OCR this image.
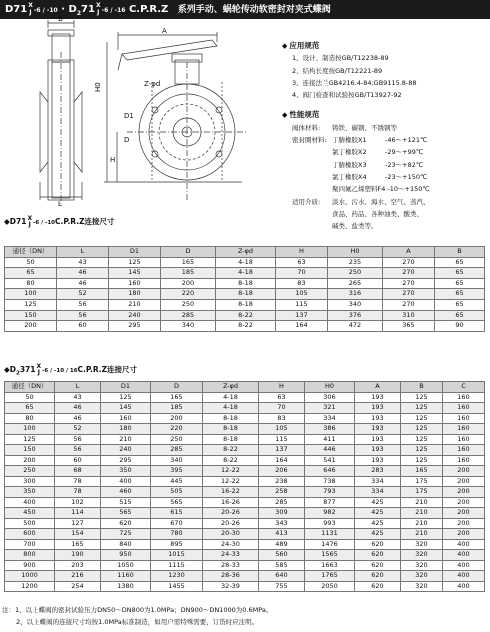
D71 X
J $-6 / -10 \cdot D_271$ X
J -6 / -16 C.P.R.Z 系列手动、蜗轮传动软密封对夹式蝶阀
B
A
Z-φd
D1
D
H
H0
L
◆ 应用规范
1、设计、制造按GB/T12238-89
2、结构长度按GB/T12221-89
3、连接法兰GB4216.4-84;GB9115.8-88
4、阀门检查和试验按GB/T13927-92
◆ 性能规范
阀体材料:	铸铁、碳钢、不锈钢等
密封圈材料: 丁腈橡胶X1	-46～+121℃
氯丁橡胶X2	-29～+99℃
丁腈橡胶X3	-23～+82℃
氯丁橡胶X4	-23～+150℃
聚四氟乙烯塑料F4 -10～+150℃
适用介质:	淡水、污水、海水、空气、蒸汽、
食品、药品、各种油类、酸类、
碱类、盐类等。
◆D71 X
J -6 / -10C.P.R.Z连接尺寸
通径（DN）	L	D1	D	Z-φd	H	H0	A	B
50	43	125	165	4-18	63	235	270	65
65	46	145	185	4-18	70	250	270	65
80	46	160	200	8-18	83	265	270	65
100	52	180	220	8-18	105	316	270	65
125	56	210	250	8-18	115	340	270	65
150	56	240	285	8-22	137	376	310	65
200	60	295	340	8-22	164	472	365	90
$◆D_2371$ X
J -6 / -10 / 16C.P.R.Z连接尺寸
通径（DN）	L	D1	D	Z-φd	H	H0	A	B	C
50	43	125	165	4-18	63	306	193	125	160
65	46	145	185	4-18	70	321	193	125	160
80	46	160	200	8-18	83	334	193	125	160
100	52	180	220	8-18	105	386	193	125	160
125	56	210	250	8-18	115	411	193	125	160
150	56	240	285	8-22	137	446	193	125	160
200	60	295	340	8-22	164	541	193	125	160
250	68	350	395	12-22	206	646	283	165	200
300	78	400	445	12-22	238	738	334	175	200
350	78	460	505	16-22	258	793	334	175	200
400	102	515	565	16-26	285	877	425	210	200
450	114	565	615	20-26	309	982	425	210	200
500	127	620	670	20-26	343	993	425	210	200
600	154	725	780	20-30	413	1131	425	210	200
700	165	840	895	24-30	489	1476	620	320	400
800	190	950	1015	24-33	560	1565	620	320	400
900	203	1050	1115	28-33	585	1663	620	320	400
1000	216	1160	1230	28-36	640	1765	620	320	400
1200	254	1380	1455	32-39	755	2050	620	320	400
注：1、以上蝶阀的密封试验压力DN50～DN800为1.0MPa；DN900～DN1000为0.6MPa。
2、以上蝶阀的连接尺寸均按1.0MPa标准制造，如用户需特殊需要，订货时应注明。
